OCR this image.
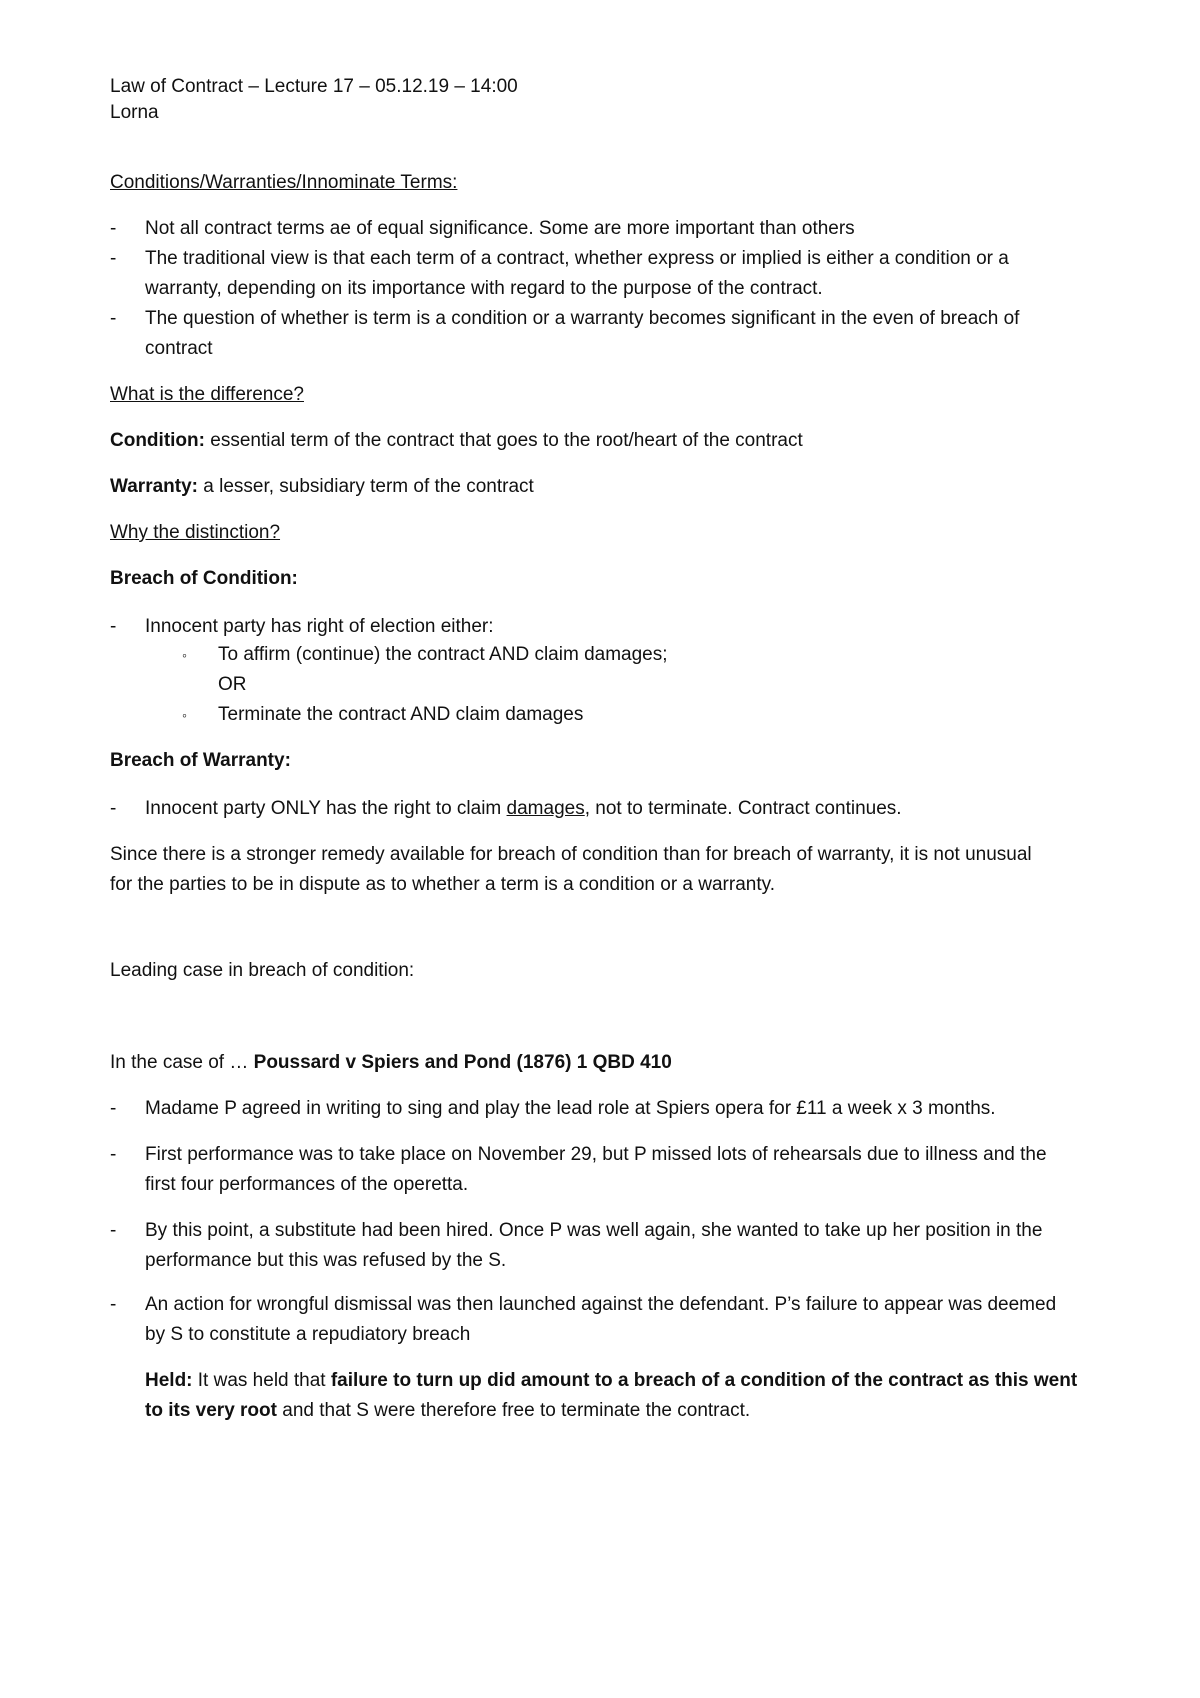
Law of Contract – Lecture 17 – 05.12.19 – 14:00
Lorna
Conditions/Warranties/Innominate Terms:
- Not all contract terms ae of equal significance. Some are more important than others
- The traditional view is that each term of a contract, whether express or implied is either a condition or a
warranty, depending on its importance with regard to the purpose of the contract.
- The question of whether is term is a condition or a warranty becomes significant in the even of breach of
contract
What is the difference?
Condition: essential term of the contract that goes to the root/heart of the contract
Warranty: a lesser, subsidiary term of the contract
Why the distinction?
Breach of Condition:
- Innocent party has right of election either:
◦ To affirm (continue) the contract AND claim damages;
OR
◦ Terminate the contract AND claim damages
Breach of Warranty:
- Innocent party ONLY has the right to claim damages, not to terminate. Contract continues.
Since there is a stronger remedy available for breach of condition than for breach of warranty, it is not unusual
for the parties to be in dispute as to whether a term is a condition or a warranty.
Leading case in breach of condition:
In the case of … Poussard v Spiers and Pond (1876) 1 QBD 410
- Madame P agreed in writing to sing and play the lead role at Spiers opera for £11 a week x 3 months.
- First performance was to take place on November 29, but P missed lots of rehearsals due to illness and the
first four performances of the operetta.
- By this point, a substitute had been hired. Once P was well again, she wanted to take up her position in the
performance but this was refused by the S.
- An action for wrongful dismissal was then launched against the defendant. P’s failure to appear was deemed
by S to constitute a repudiatory breach
Held: It was held that failure to turn up did amount to a breach of a condition of the contract as this went
to its very root and that S were therefore free to terminate the contract.
